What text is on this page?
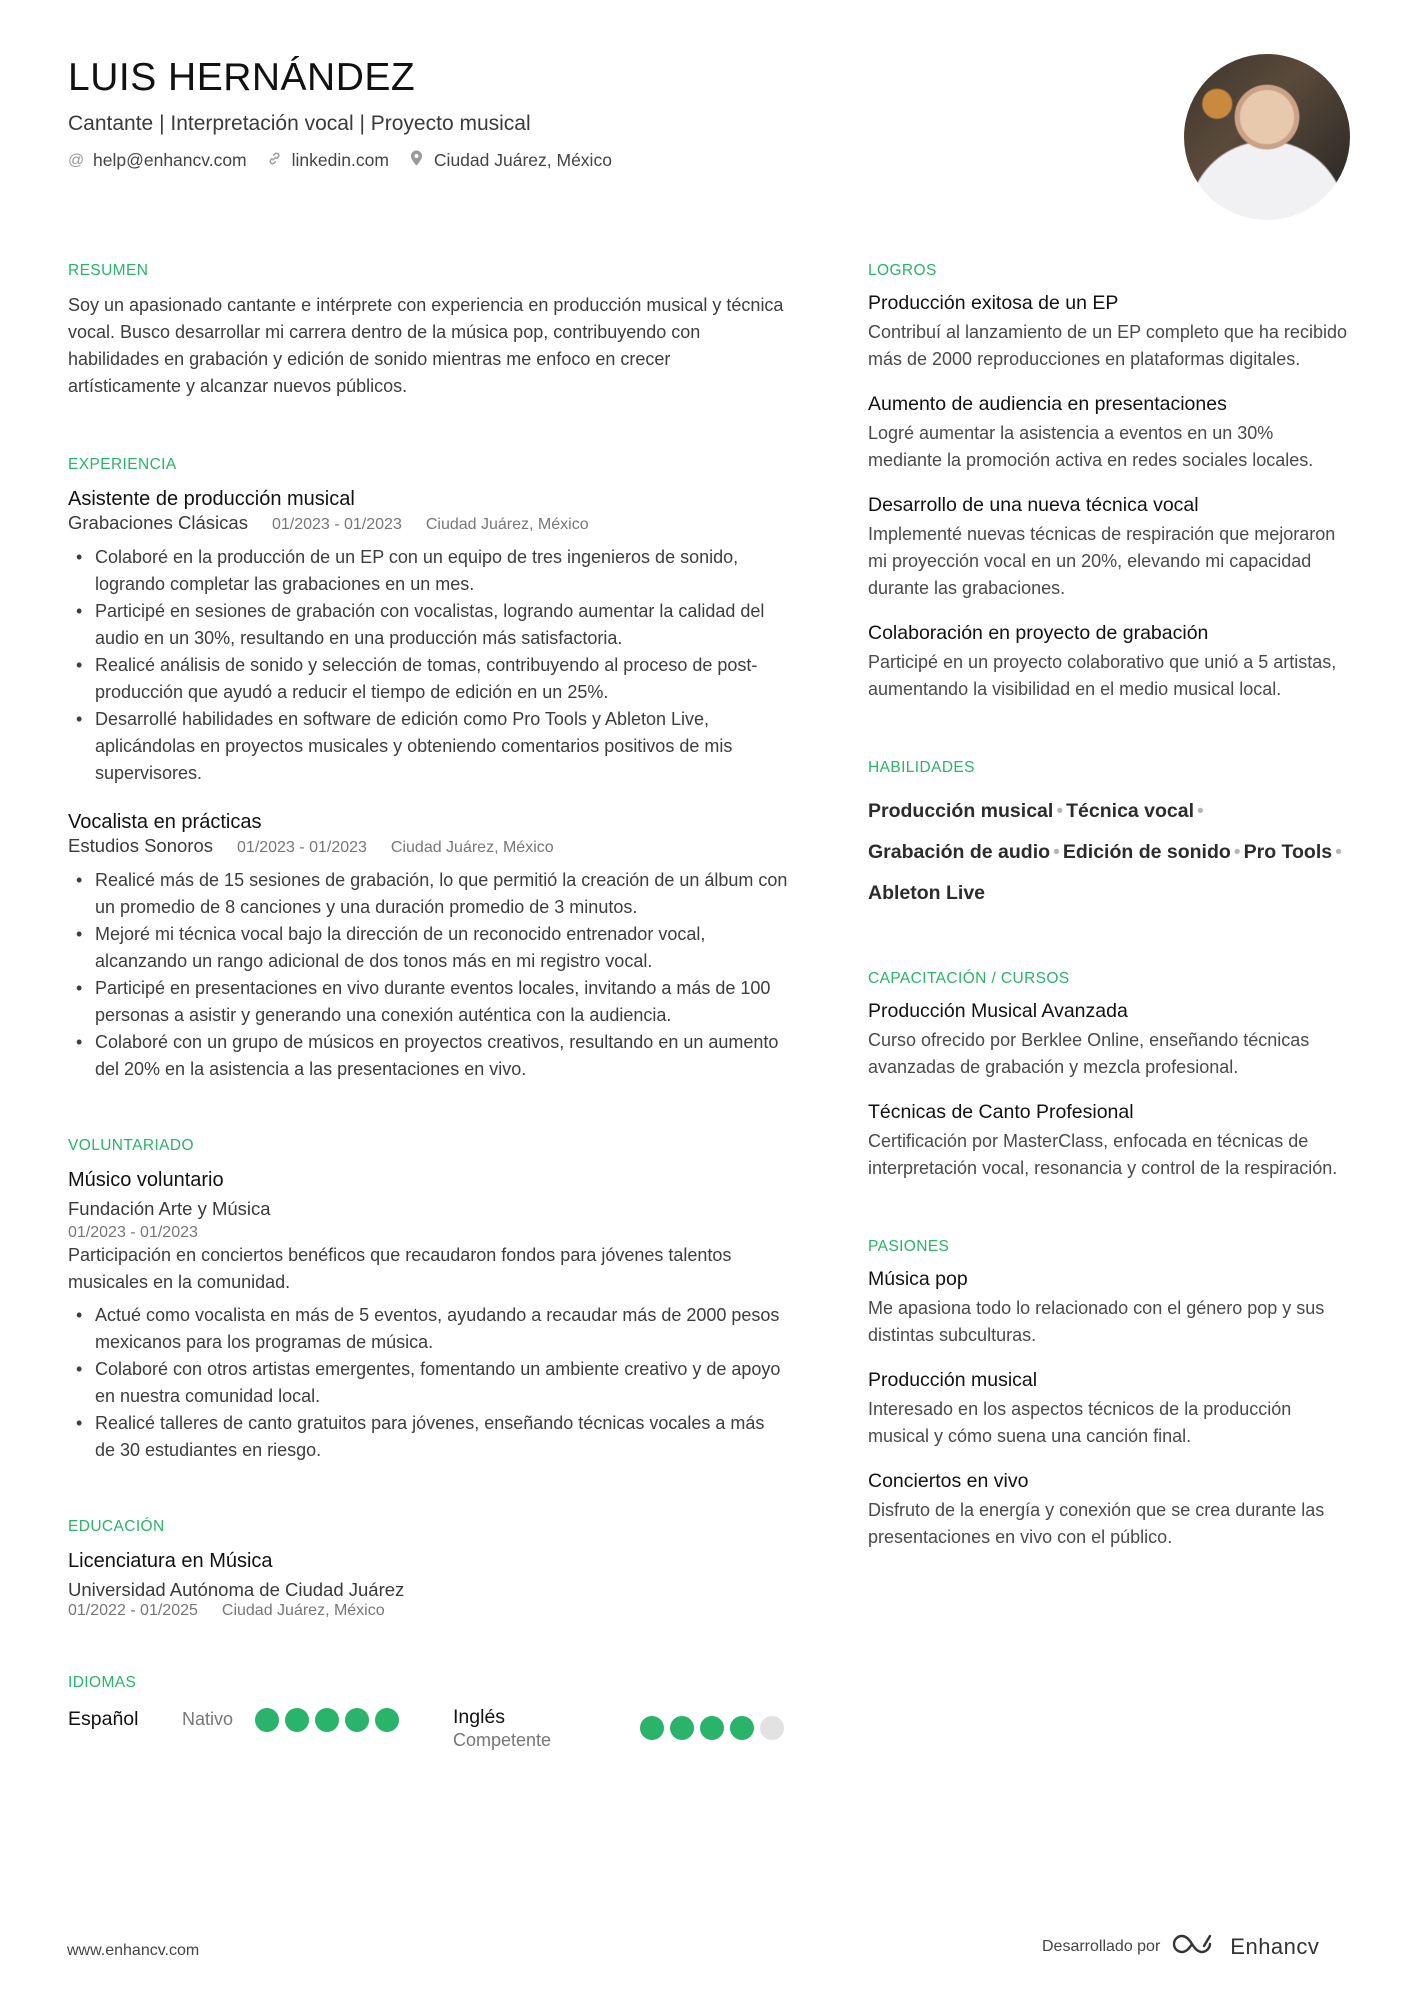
LUIS HERNÁNDEZ
Cantante | Interpretación vocal | Proyecto musical
@ help@enhancv.com	linkedin.com	Ciudad Juárez, México
RESUMEN
Soy un apasionado cantante e intérprete con experiencia en producción musical y técnica vocal. Busco desarrollar mi carrera dentro de la música pop, contribuyendo con habilidades en grabación y edición de sonido mientras me enfoco en crecer artísticamente y alcanzar nuevos públicos.
EXPERIENCIA
Asistente de producción musical
Grabaciones Clásicas 01/2023 - 01/2023 Ciudad Juárez, México
• Colaboré en la producción de un EP con un equipo de tres ingenieros de sonido, logrando completar las grabaciones en un mes.
• Participé en sesiones de grabación con vocalistas, logrando aumentar la calidad del audio en un 30%, resultando en una producción más satisfactoria.
• Realicé análisis de sonido y selección de tomas, contribuyendo al proceso de post-producción que ayudó a reducir el tiempo de edición en un 25%.
• Desarrollé habilidades en software de edición como Pro Tools y Ableton Live, aplicándolas en proyectos musicales y obteniendo comentarios positivos de mis supervisores.
Vocalista en prácticas
Estudios Sonoros 01/2023 - 01/2023 Ciudad Juárez, México
• Realicé más de 15 sesiones de grabación, lo que permitió la creación de un álbum con un promedio de 8 canciones y una duración promedio de 3 minutos.
• Mejoré mi técnica vocal bajo la dirección de un reconocido entrenador vocal, alcanzando un rango adicional de dos tonos más en mi registro vocal.
• Participé en presentaciones en vivo durante eventos locales, invitando a más de 100 personas a asistir y generando una conexión auténtica con la audiencia.
• Colaboré con un grupo de músicos en proyectos creativos, resultando en un aumento del 20% en la asistencia a las presentaciones en vivo.
VOLUNTARIADO
Músico voluntario
Fundación Arte y Música
01/2023 - 01/2023
Participación en conciertos benéficos que recaudaron fondos para jóvenes talentos musicales en la comunidad.
• Actué como vocalista en más de 5 eventos, ayudando a recaudar más de 2000 pesos mexicanos para los programas de música.
• Colaboré con otros artistas emergentes, fomentando un ambiente creativo y de apoyo en nuestra comunidad local.
• Realicé talleres de canto gratuitos para jóvenes, enseñando técnicas vocales a más de 30 estudiantes en riesgo.
EDUCACIÓN
Licenciatura en Música
Universidad Autónoma de Ciudad Juárez
01/2022 - 01/2025 Ciudad Juárez, México
IDIOMAS
Español Nativo	Inglés
Competente
LOGROS
Producción exitosa de un EP
Contribuí al lanzamiento de un EP completo que ha recibido más de 2000 reproducciones en plataformas digitales.
Aumento de audiencia en presentaciones
Logré aumentar la asistencia a eventos en un 30% mediante la promoción activa en redes sociales locales.
Desarrollo de una nueva técnica vocal
Implementé nuevas técnicas de respiración que mejoraron mi proyección vocal en un 20%, elevando mi capacidad durante las grabaciones.
Colaboración en proyecto de grabación
Participé en un proyecto colaborativo que unió a 5 artistas, aumentando la visibilidad en el medio musical local.
HABILIDADES
Producción musical • Técnica vocal •
Grabación de audio • Edición de sonido • Pro Tools •
Ableton Live
CAPACITACIÓN / CURSOS
Producción Musical Avanzada
Curso ofrecido por Berklee Online, enseñando técnicas avanzadas de grabación y mezcla profesional.
Técnicas de Canto Profesional
Certificación por MasterClass, enfocada en técnicas de interpretación vocal, resonancia y control de la respiración.
PASIONES
Música pop
Me apasiona todo lo relacionado con el género pop y sus distintas subculturas.
Producción musical
Interesado en los aspectos técnicos de la producción musical y cómo suena una canción final.
Conciertos en vivo
Disfruto de la energía y conexión que se crea durante las presentaciones en vivo con el público.
www.enhancv.com	Desarrollado por	Enhancv
